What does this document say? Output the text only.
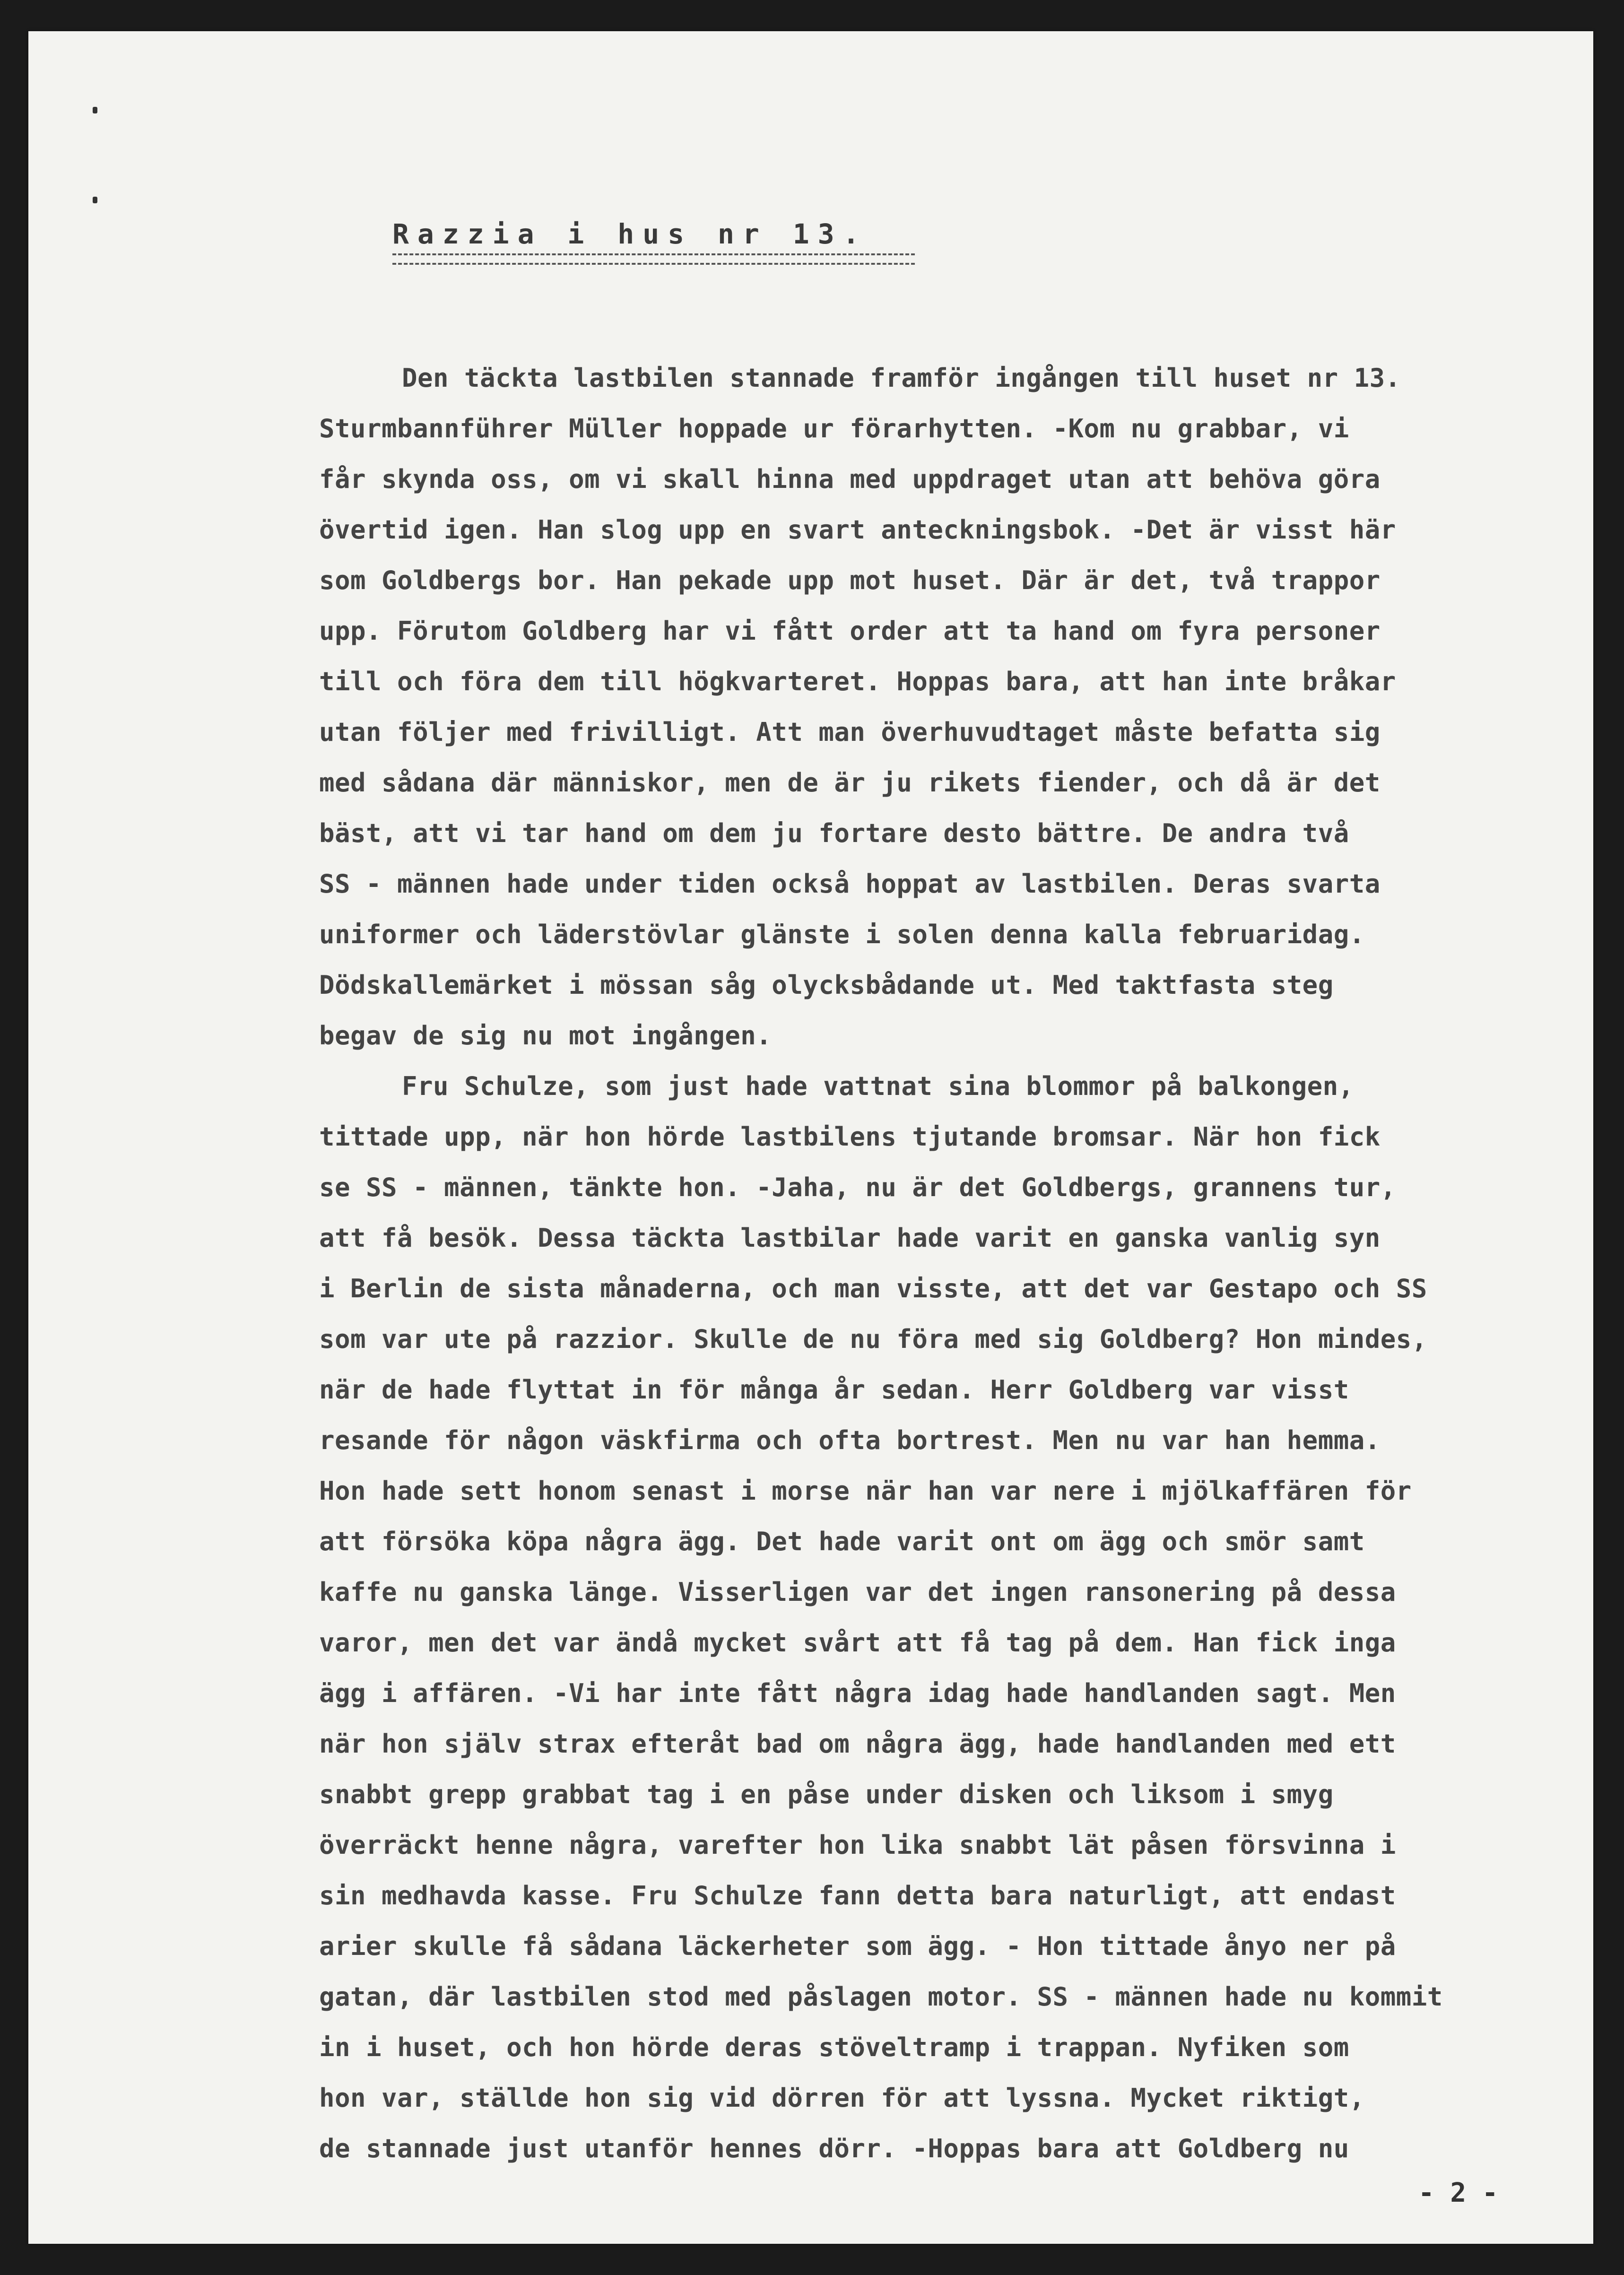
Razzia i hus nr 13.
Den täckta lastbilen stannade framför ingången till huset nr 13.
Sturmbannführer Müller hoppade ur förarhytten. -Kom nu grabbar, vi
får skynda oss, om vi skall hinna med uppdraget utan att behöva göra
övertid igen. Han slog upp en svart anteckningsbok. -Det är visst här
som Goldbergs bor. Han pekade upp mot huset. Där är det, två trappor
upp. Förutom Goldberg har vi fått order att ta hand om fyra personer
till och föra dem till högkvarteret. Hoppas bara, att han inte bråkar
utan följer med frivilligt. Att man överhuvudtaget måste befatta sig
med sådana där människor, men de är ju rikets fiender, och då är det
bäst, att vi tar hand om dem ju fortare desto bättre. De andra två
SS - männen hade under tiden också hoppat av lastbilen. Deras svarta
uniformer och läderstövlar glänste i solen denna kalla februaridag.
Dödskallemärket i mössan såg olycksbådande ut. Med taktfasta steg
begav de sig nu mot ingången.
Fru Schulze, som just hade vattnat sina blommor på balkongen,
tittade upp, när hon hörde lastbilens tjutande bromsar. När hon fick
se SS - männen, tänkte hon. -Jaha, nu är det Goldbergs, grannens tur,
att få besök. Dessa täckta lastbilar hade varit en ganska vanlig syn
i Berlin de sista månaderna, och man visste, att det var Gestapo och SS
som var ute på razzior. Skulle de nu föra med sig Goldberg? Hon mindes,
när de hade flyttat in för många år sedan. Herr Goldberg var visst
resande för någon väskfirma och ofta bortrest. Men nu var han hemma.
Hon hade sett honom senast i morse när han var nere i mjölkaffären för
att försöka köpa några ägg. Det hade varit ont om ägg och smör samt
kaffe nu ganska länge. Visserligen var det ingen ransonering på dessa
varor, men det var ändå mycket svårt att få tag på dem. Han fick inga
ägg i affären. -Vi har inte fått några idag hade handlanden sagt. Men
när hon själv strax efteråt bad om några ägg, hade handlanden med ett
snabbt grepp grabbat tag i en påse under disken och liksom i smyg
överräckt henne några, varefter hon lika snabbt lät påsen försvinna i
sin medhavda kasse. Fru Schulze fann detta bara naturligt, att endast
arier skulle få sådana läckerheter som ägg. - Hon tittade ånyo ner på
gatan, där lastbilen stod med påslagen motor. SS - männen hade nu kommit
in i huset, och hon hörde deras stöveltramp i trappan. Nyfiken som
hon var, ställde hon sig vid dörren för att lyssna. Mycket riktigt,
de stannade just utanför hennes dörr. -Hoppas bara att Goldberg nu
- 2 -
